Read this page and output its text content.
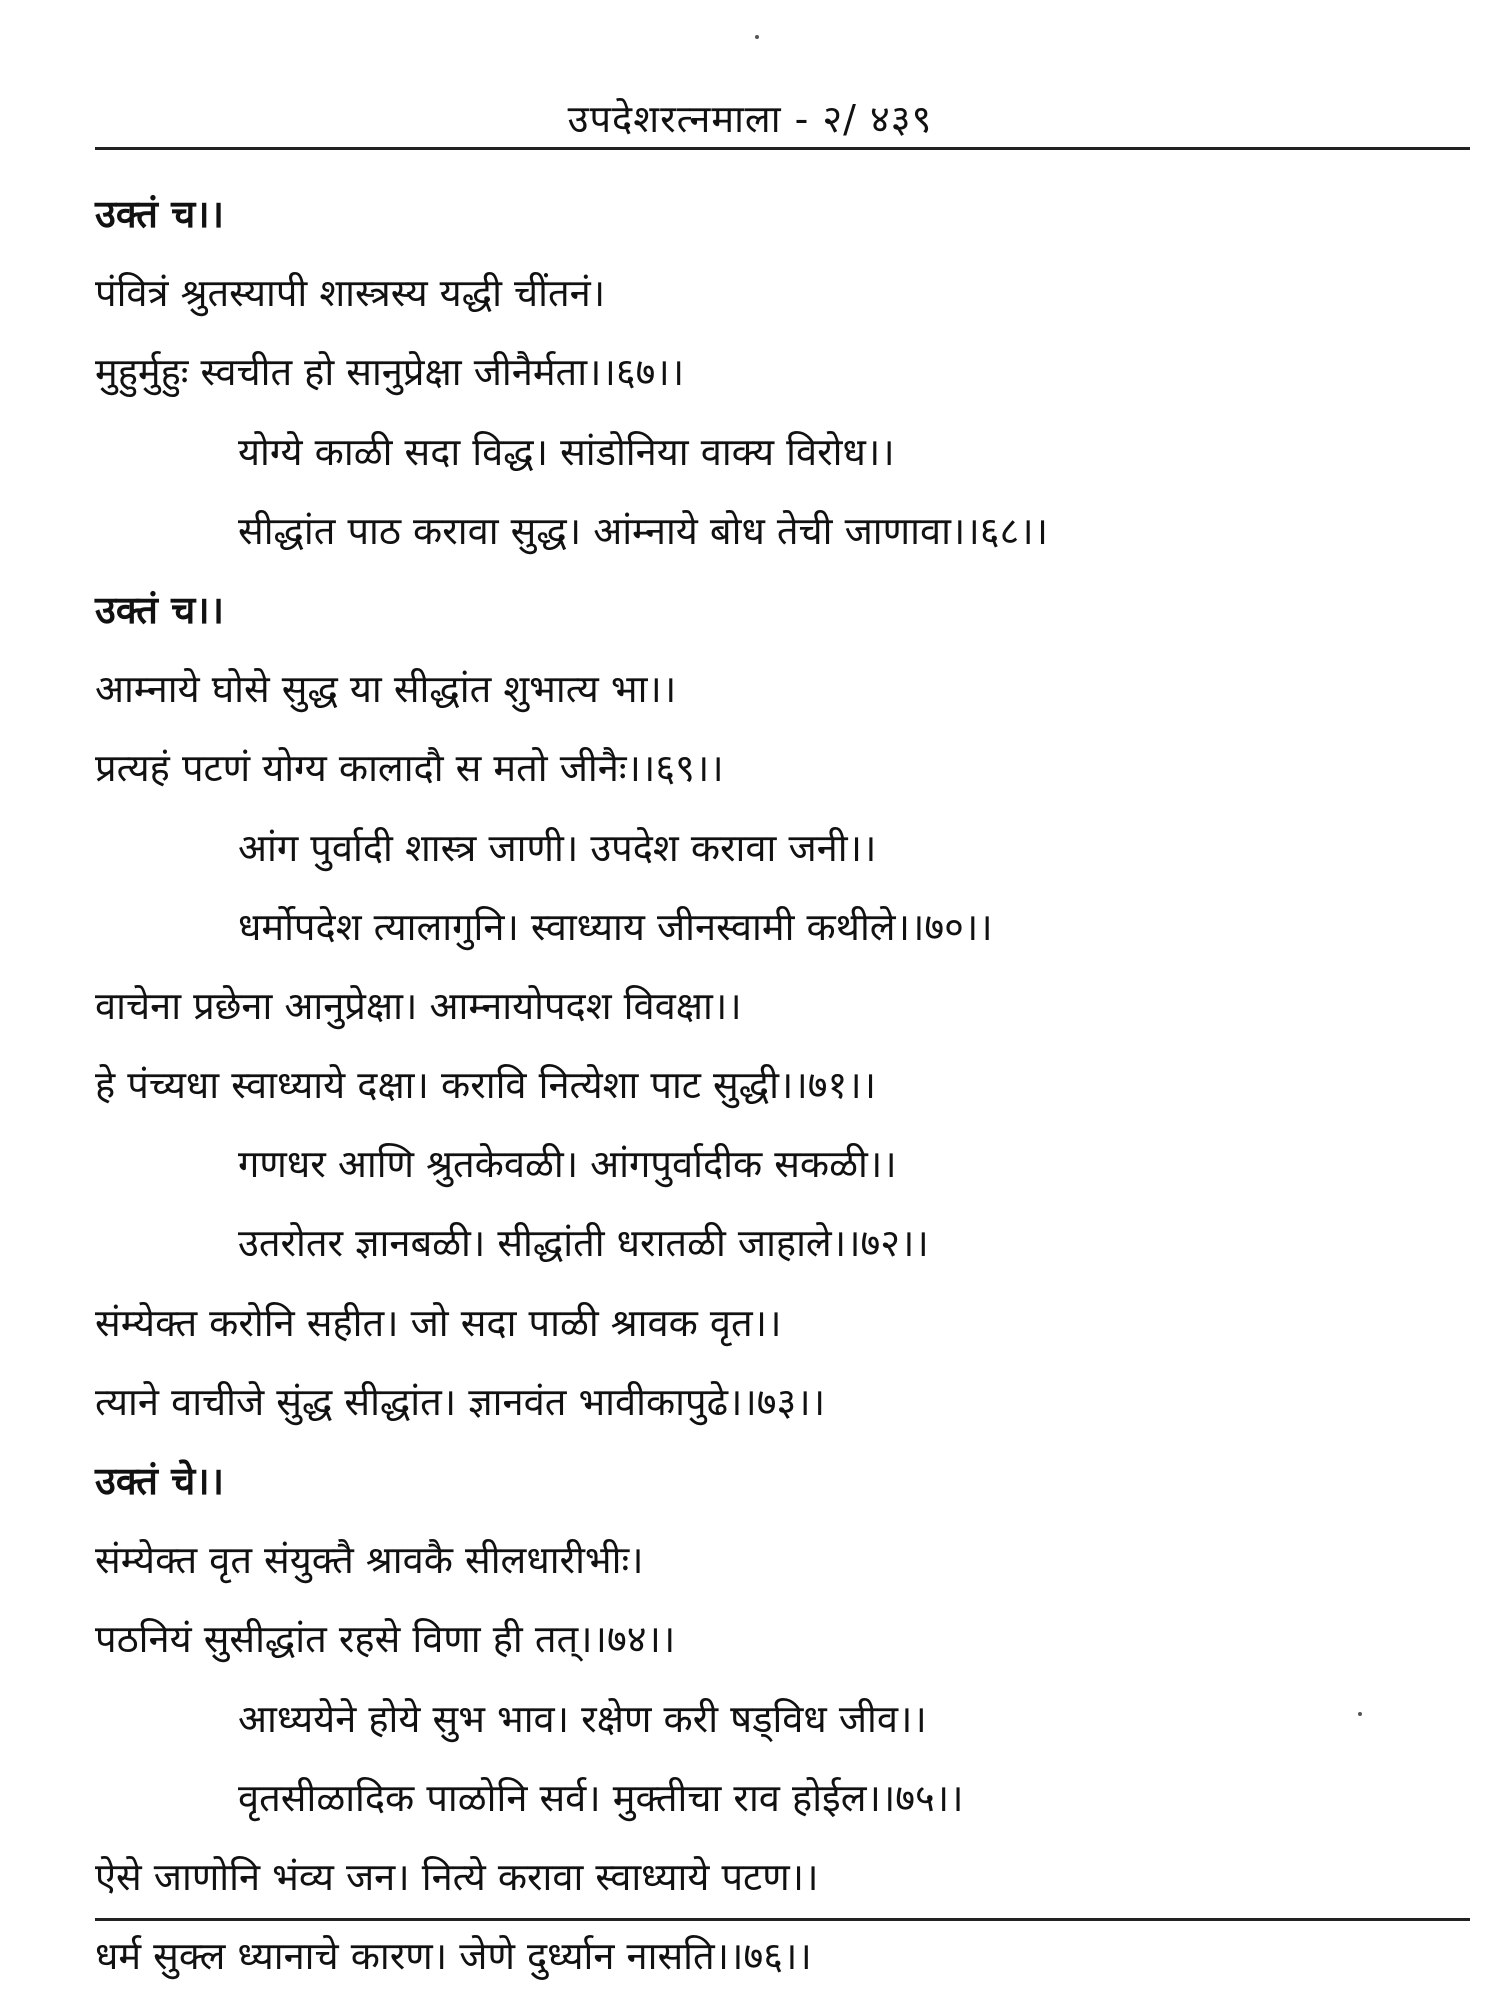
उपदेशरत्नमाला - २/ ४३९
उक्तं च।।
पंवित्रं श्रुतस्यापी शास्त्रस्य यद्धी चींतनं।
मुहुर्मुहुः स्वचीत हो सानुप्रेक्षा जीनैर्मता।।६७।।
योग्ये काळी सदा विद्ध। सांडोनिया वाक्य विरोध।।
सीद्धांत पाठ करावा सुद्ध। आंम्नाये बोध तेची जाणावा।।६८।।
उक्तं च।।
आम्नाये घोसे सुद्ध या सीद्धांत शुभात्य भा।।
प्रत्यहं पटणं योग्य कालादौ स मतो जीनैः।।६९।।
आंग पुर्वादी शास्त्र जाणी। उपदेश करावा जनी।।
धर्मोपदेश त्यालागुनि। स्वाध्याय जीनस्वामी कथीले।।७०।।
वाचेना प्रछेना आनुप्रेक्षा। आम्नायोपदश विवक्षा।।
हे पंच्यधा स्वाध्याये दक्षा। करावि नित्येशा पाट सुद्धी।।७१।।
गणधर आणि श्रुतकेवळी। आंगपुर्वादीक सकळी।।
उतरोतर ज्ञानबळी। सीद्धांती धरातळी जाहाले।।७२।।
संम्येक्त करोनि सहीत। जो सदा पाळी श्रावक वृत।।
त्याने वाचीजे सुंद्ध सीद्धांत। ज्ञानवंत भावीकापुढे।।७३।।
उक्तं चे।।
संम्येक्त वृत संयुक्तै श्रावकै सीलधारीभीः।
पठनियं सुसीद्धांत रहसे विणा ही तत्।।७४।।
आध्ययेने होये सुभ भाव। रक्षेण करी षड्विध जीव।।
वृतसीळादिक पाळोनि सर्व। मुक्तीचा राव होईल।।७५।।
ऐसे जाणोनि भंव्य जन। नित्ये करावा स्वाध्याये पटण।।
धर्म सुक्ल ध्यानाचे कारण। जेणे दुर्ध्यान नासति।।७६।।
